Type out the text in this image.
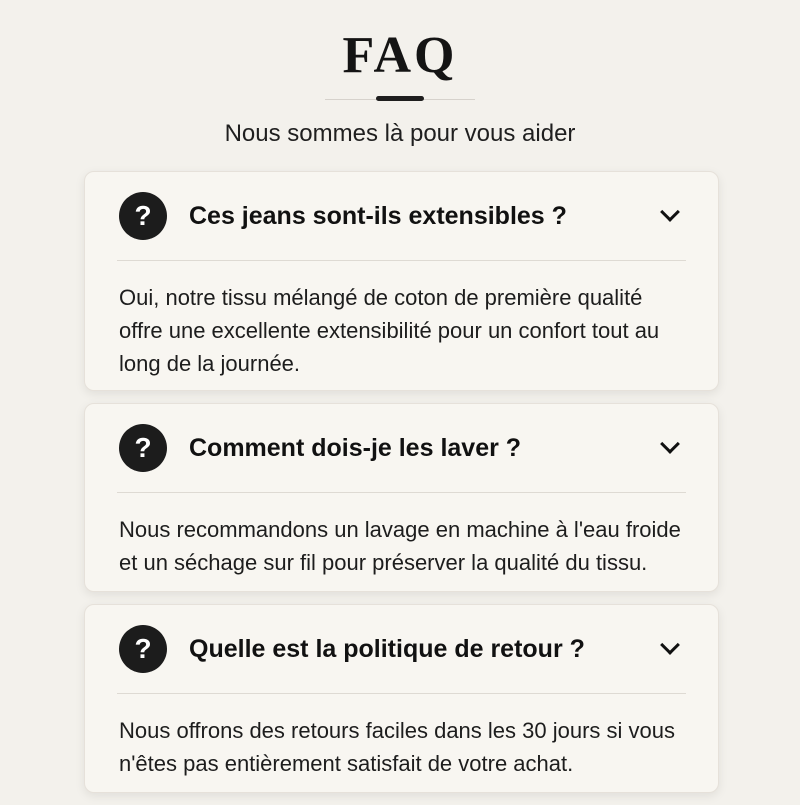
FAQ
Nous sommes là pour vous aider
?	Ces jeans sont-ils extensibles ?
Oui, notre tissu mélangé de coton de première qualité offre une excellente extensibilité pour un confort tout au long de la journée.
?	Comment dois-je les laver ?
Nous recommandons un lavage en machine à l'eau froide et un séchage sur fil pour préserver la qualité du tissu.
?	Quelle est la politique de retour ?
Nous offrons des retours faciles dans les 30 jours si vous n'êtes pas entièrement satisfait de votre achat.
